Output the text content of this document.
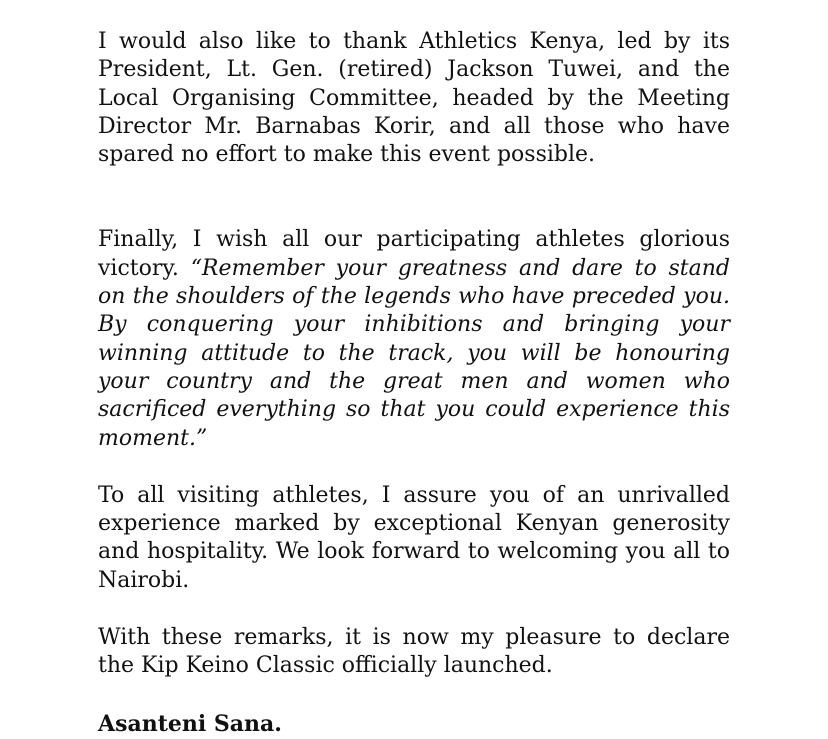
I would also like to thank Athletics Kenya, led by its President, Lt. Gen. (retired) Jackson Tuwei, and the Local Organising Committee, headed by the Meeting Director Mr. Barnabas Korir, and all those who have spared no effort to make this event possible.

Finally, I wish all our participating athletes glorious victory. “Remember your greatness and dare to stand on the shoulders of the legends who have preceded you. By conquering your inhibitions and bringing your winning attitude to the track, you will be honouring your country and the great men and women who sacrificed everything so that you could experience this moment.”

To all visiting athletes, I assure you of an unrivalled experience marked by exceptional Kenyan generosity and hospitality. We look forward to welcoming you all to Nairobi.

With these remarks, it is now my pleasure to declare the Kip Keino Classic officially launched.

Asanteni Sana.
